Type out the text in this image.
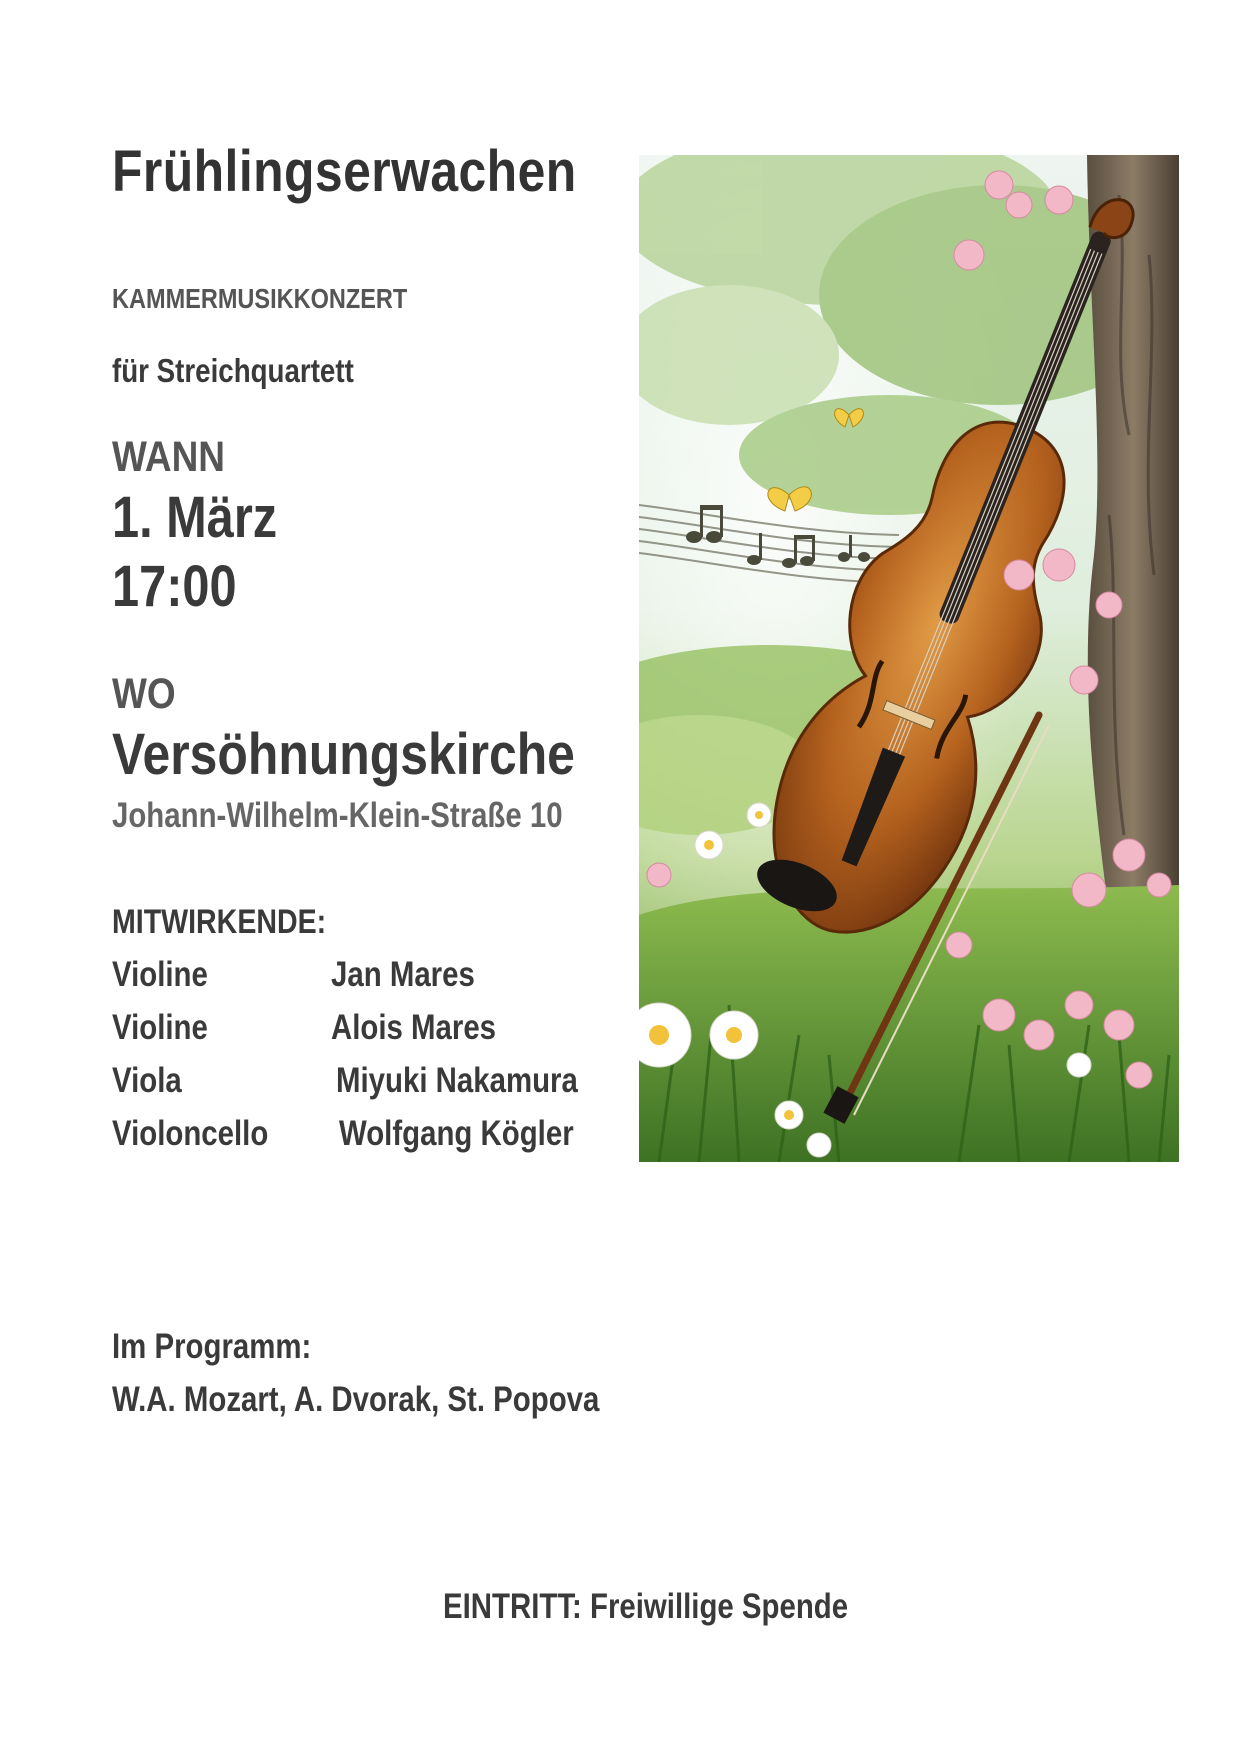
Frühlingserwachen
KAMMERMUSIKKONZERT
für Streichquartett
WANN
1. März
17:00
WO
Versöhnungskirche
Johann-Wilhelm-Klein-Straße 10
MITWIRKENDE:
Violine	Jan Mares
Violine	Alois Mares
Viola	Miyuki Nakamura
Violoncello Wolfgang Kögler
Im Programm:
W.A. Mozart, A. Dvorak, St. Popova
EINTRITT: Freiwillige Spende
